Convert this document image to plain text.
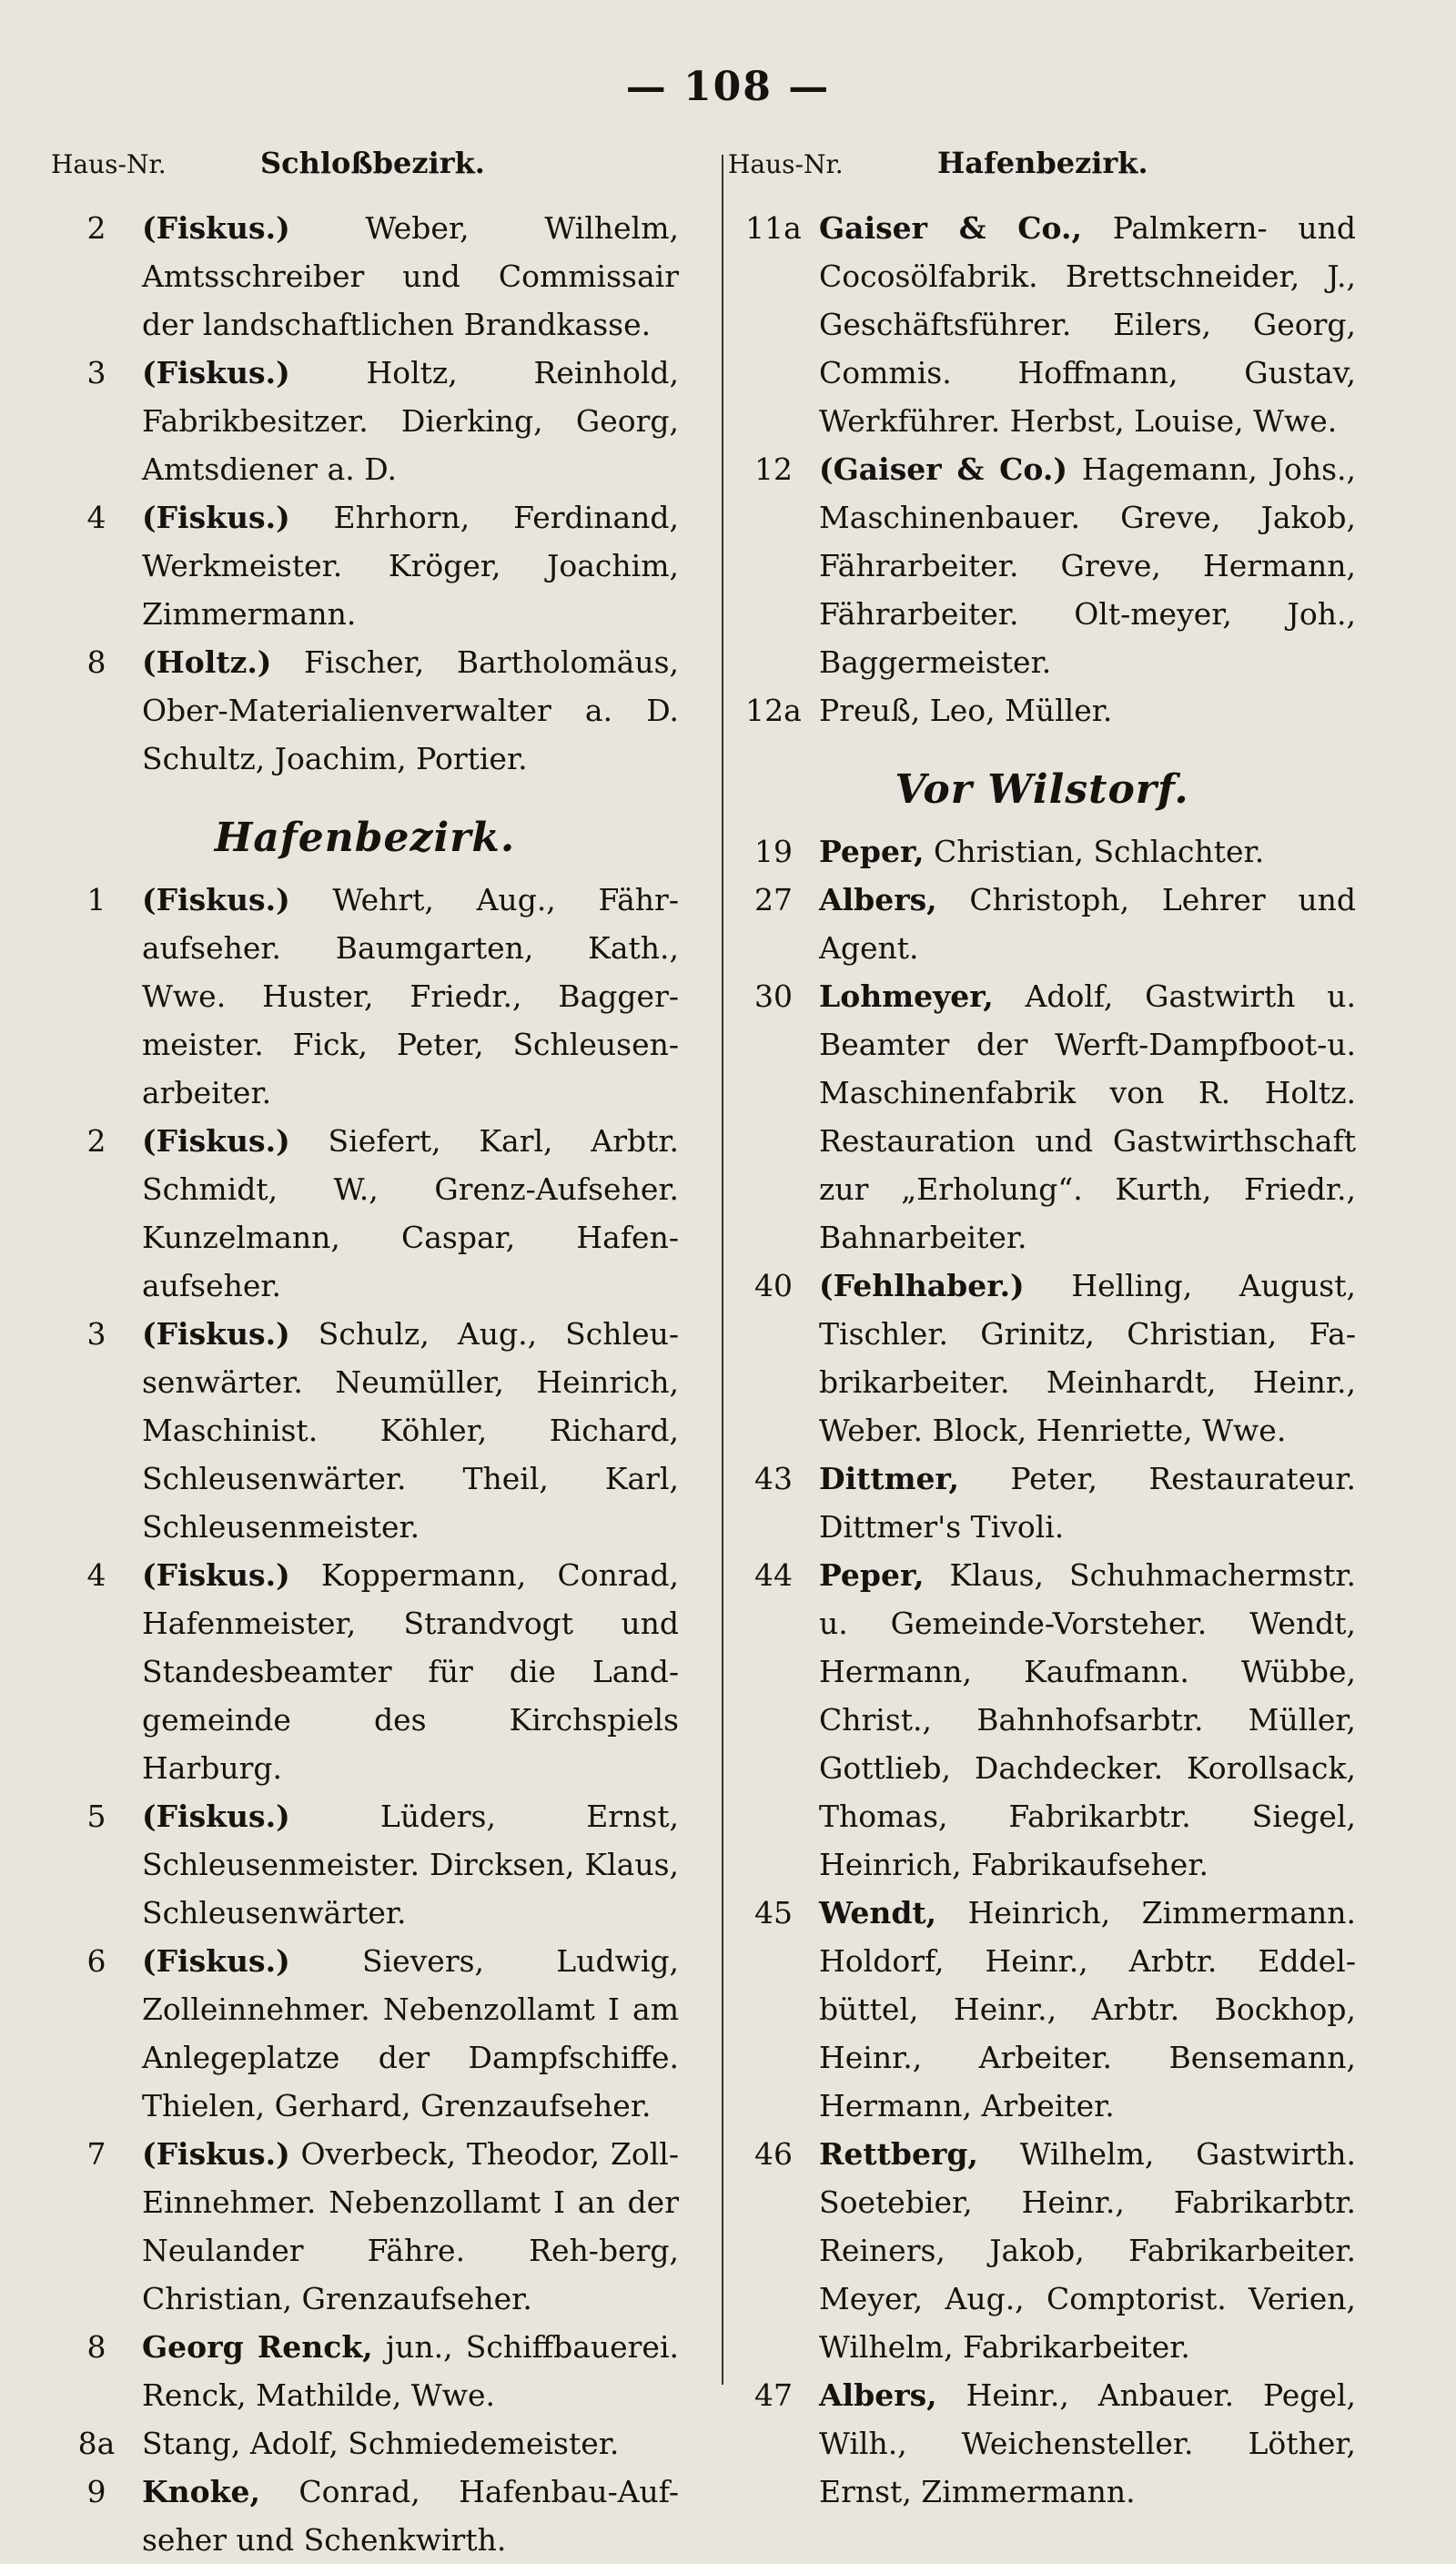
— 108 —
Haus-Nr.	Schloßbezirk.
2	(Fiskus.) Weber, Wilhelm, Amtsschreiber und Commissair der landschaftlichen Brandkasse.
3	(Fiskus.) Holtz, Reinhold, Fabrikbesitzer. Dierking, Georg, Amtsdiener a. D.
4	(Fiskus.) Ehrhorn, Ferdinand, Werkmeister. Kröger, Joachim, Zimmermann.
8	(Holtz.) Fischer, Bartholomäus, Ober-Materialienverwalter a. D. Schultz, Joachim, Portier.
Hafenbezirk.
1	(Fiskus.) Wehrt, Aug., Fähr-aufseher. Baumgarten, Kath., Wwe. Huster, Friedr., Bagger-meister. Fick, Peter, Schleusen-arbeiter.
2	(Fiskus.) Siefert, Karl, Arbtr. Schmidt, W., Grenz-Aufseher. Kunzelmann, Caspar, Hafen-aufseher.
3	(Fiskus.) Schulz, Aug., Schleu-senwärter. Neumüller, Heinrich, Maschinist. Köhler, Richard, Schleusenwärter. Theil, Karl, Schleusenmeister.
4	(Fiskus.) Koppermann, Conrad, Hafenmeister, Strandvogt und Standesbeamter für die Land-gemeinde des Kirchspiels Harburg.
5	(Fiskus.) Lüders, Ernst, Schleusenmeister. Dircksen, Klaus, Schleusenwärter.
6	(Fiskus.) Sievers, Ludwig, Zolleinnehmer. Nebenzollamt I am Anlegeplatze der Dampfschiffe. Thielen, Gerhard, Grenzaufseher.
7	(Fiskus.) Overbeck, Theodor, Zoll-Einnehmer. Nebenzollamt I an der Neulander Fähre. Reh-berg, Christian, Grenzaufseher.
8	Georg Renck, jun., Schiffbauerei. Renck, Mathilde, Wwe.
8a Stang, Adolf, Schmiedemeister.
9	Knoke, Conrad, Hafenbau-Auf-seher und Schenkwirth.
Haus-Nr.	Hafenbezirk.
11a Gaiser & Co., Palmkern- und Cocosölfabrik. Brettschneider, J., Geschäftsführer. Eilers, Georg, Commis. Hoffmann, Gustav, Werkführer. Herbst, Louise, Wwe.
12 (Gaiser & Co.) Hagemann, Johs., Maschinenbauer. Greve, Jakob, Fährarbeiter. Greve, Hermann, Fährarbeiter. Olt-meyer, Joh., Baggermeister.
12a Preuß, Leo, Müller.
Vor Wilstorf.
19 Peper, Christian, Schlachter.
27 Albers, Christoph, Lehrer und Agent.
30 Lohmeyer, Adolf, Gastwirth u. Beamter der Werft-Dampfboot-u. Maschinenfabrik von R. Holtz. Restauration und Gastwirthschaft zur „Erholung“. Kurth, Friedr., Bahnarbeiter.
40 (Fehlhaber.) Helling, August, Tischler. Grinitz, Christian, Fa-brikarbeiter. Meinhardt, Heinr., Weber. Block, Henriette, Wwe.
43 Dittmer, Peter, Restaurateur. Dittmer's Tivoli.
44 Peper, Klaus, Schuhmachermstr. u. Gemeinde-Vorsteher. Wendt, Hermann, Kaufmann. Wübbe, Christ., Bahnhofsarbtr. Müller, Gottlieb, Dachdecker. Korollsack, Thomas, Fabrikarbtr. Siegel, Heinrich, Fabrikaufseher.
45 Wendt, Heinrich, Zimmermann. Holdorf, Heinr., Arbtr. Eddel-büttel, Heinr., Arbtr. Bockhop, Heinr., Arbeiter. Bensemann, Hermann, Arbeiter.
46 Rettberg, Wilhelm, Gastwirth. Soetebier, Heinr., Fabrikarbtr. Reiners, Jakob, Fabrikarbeiter. Meyer, Aug., Comptorist. Verien, Wilhelm, Fabrikarbeiter.
47 Albers, Heinr., Anbauer. Pegel, Wilh., Weichensteller. Löther, Ernst, Zimmermann.
